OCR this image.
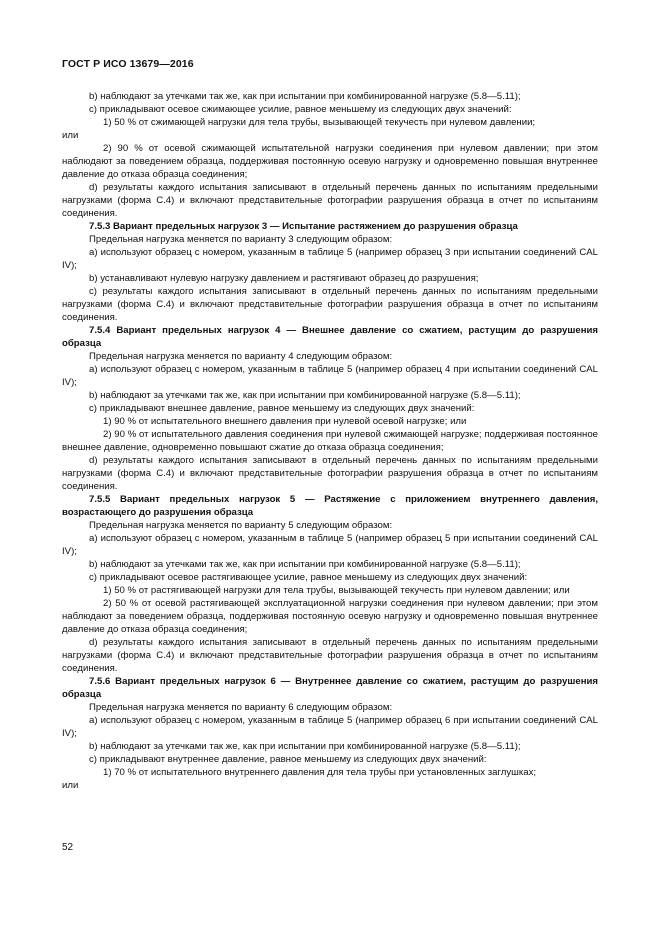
ГОСТ Р ИСО 13679—2016

b) наблюдают за утечками так же, как при испытании при комбинированной нагрузке (5.8—5.11);

c) прикладывают осевое сжимающее усилие, равное меньшему из следующих двух значений:

1) 50 % от сжимающей нагрузки для тела трубы, вызывающей текучесть при нулевом давлении;

или

2) 90 % от осевой сжимающей испытательной нагрузки соединения при нулевом давлении; при этом наблюдают за поведением образца, поддерживая постоянную осевую нагрузку и одновременно повышая внутреннее давление до отказа образца соединения;

d) результаты каждого испытания записывают в отдельный перечень данных по испытаниям предельными нагрузками (форма С.4) и включают представительные фотографии разрушения образца в отчет по испытаниям соединения.

7.5.3 Вариант предельных нагрузок 3 — Испытание растяжением до разрушения образца

Предельная нагрузка меняется по варианту 3 следующим образом:

а) используют образец с номером, указанным в таблице 5 (например образец 3 при испытании соединений CAL IV);

b) устанавливают нулевую нагрузку давлением и растягивают образец до разрушения;

c) результаты каждого испытания записывают в отдельный перечень данных по испытаниям предельными нагрузками (форма С.4) и включают представительные фотографии разрушения образца в отчет по испытаниям соединения.

7.5.4 Вариант предельных нагрузок 4 — Внешнее давление со сжатием, растущим до разрушения образца

Предельная нагрузка меняется по варианту 4 следующим образом:

а) используют образец с номером, указанным в таблице 5 (например образец 4 при испытании соединений CAL IV);

b) наблюдают за утечками так же, как при испытании при комбинированной нагрузке (5.8—5.11);

c) прикладывают внешнее давление, равное меньшему из следующих двух значений:

1) 90 % от испытательного внешнего давления при нулевой осевой нагрузке; или

2) 90 % от испытательного давления соединения при нулевой сжимающей нагрузке; поддерживая постоянное внешнее давление, одновременно повышают сжатие до отказа образца соединения;

d) результаты каждого испытания записывают в отдельный перечень данных по испытаниям предельными нагрузками (форма С.4) и включают представительные фотографии разрушения образца в отчет по испытаниям соединения.

7.5.5 Вариант предельных нагрузок 5 — Растяжение с приложением внутреннего давления, возрастающего до разрушения образца

Предельная нагрузка меняется по варианту 5 следующим образом:

а) используют образец с номером, указанным в таблице 5 (например образец 5 при испытании соединений CAL IV);

b) наблюдают за утечками так же, как при испытании при комбинированной нагрузке (5.8—5.11);

c) прикладывают осевое растягивающее усилие, равное меньшему из следующих двух значений:

1) 50 % от растягивающей нагрузки для тела трубы, вызывающей текучесть при нулевом давлении; или

2) 50 % от осевой растягивающей эксплуатационной нагрузки соединения при нулевом давлении; при этом наблюдают за поведением образца, поддерживая постоянную осевую нагрузку и одновременно повышая внутреннее давление до отказа образца соединения;

d) результаты каждого испытания записывают в отдельный перечень данных по испытаниям предельными нагрузками (форма С.4) и включают представительные фотографии разрушения образца в отчет по испытаниям соединения.

7.5.6 Вариант предельных нагрузок 6 — Внутреннее давление со сжатием, растущим до разрушения образца

Предельная нагрузка меняется по варианту 6 следующим образом:

а) используют образец с номером, указанным в таблице 5 (например образец 6 при испытании соединений CAL IV);

b) наблюдают за утечками так же, как при испытании при комбинированной нагрузке (5.8—5.11);

c) прикладывают внутреннее давление, равное меньшему из следующих двух значений:

1) 70 % от испытательного внутреннего давления для тела трубы при установленных заглушках;

или

52
